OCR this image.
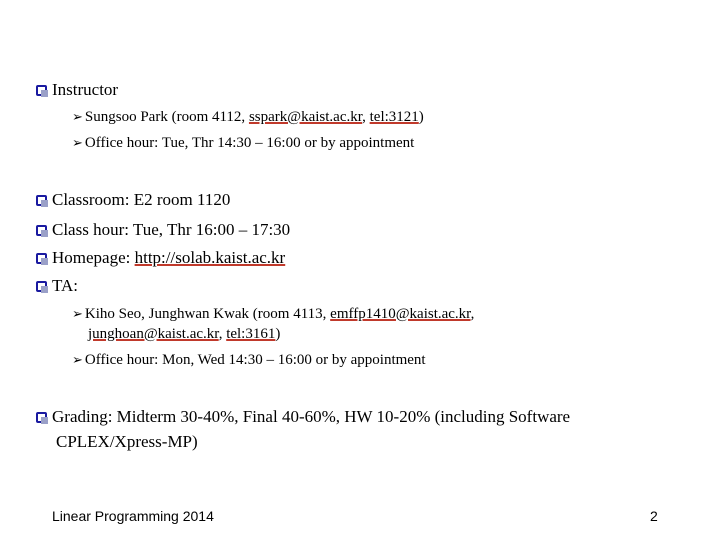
Instructor
➢ Sungsoo Park (room 4112, sspark@kaist.ac.kr, tel:3121)
➢ Office hour: Tue, Thr 14:30 – 16:00 or by appointment
Classroom: E2 room 1120
Class hour: Tue, Thr 16:00 – 17:30
Homepage: http://solab.kaist.ac.kr
TA:
➢ Kiho Seo, Junghwan Kwak (room 4113, emffp1410@kaist.ac.kr,
junghoan@kaist.ac.kr, tel:3161)
➢ Office hour: Mon, Wed 14:30 – 16:00 or by appointment
Grading: Midterm 30-40%, Final 40-60%, HW 10-20% (including Software
CPLEX/Xpress-MP)
Linear Programming 2014	2
